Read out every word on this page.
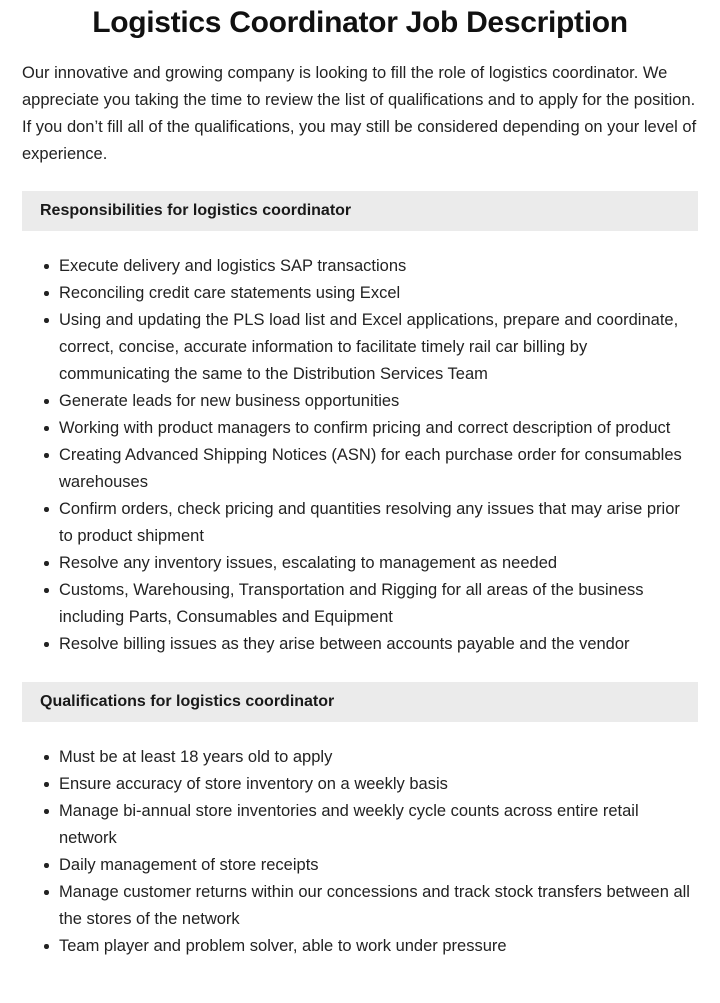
Logistics Coordinator Job Description

Our innovative and growing company is looking to fill the role of logistics coordinator. We appreciate you taking the time to review the list of qualifications and to apply for the position. If you don’t fill all of the qualifications, you may still be considered depending on your level of experience.

Responsibilities for logistics coordinator
Execute delivery and logistics SAP transactions
Reconciling credit care statements using Excel
Using and updating the PLS load list and Excel applications, prepare and coordinate, correct, concise, accurate information to facilitate timely rail car billing by communicating the same to the Distribution Services Team
Generate leads for new business opportunities
Working with product managers to confirm pricing and correct description of product
Creating Advanced Shipping Notices (ASN) for each purchase order for consumables warehouses
Confirm orders, check pricing and quantities resolving any issues that may arise prior to product shipment
Resolve any inventory issues, escalating to management as needed
Customs, Warehousing, Transportation and Rigging for all areas of the business including Parts, Consumables and Equipment
Resolve billing issues as they arise between accounts payable and the vendor
Qualifications for logistics coordinator
Must be at least 18 years old to apply
Ensure accuracy of store inventory on a weekly basis
Manage bi-annual store inventories and weekly cycle counts across entire retail network
Daily management of store receipts
Manage customer returns within our concessions and track stock transfers between all the stores of the network
Team player and problem solver, able to work under pressure
